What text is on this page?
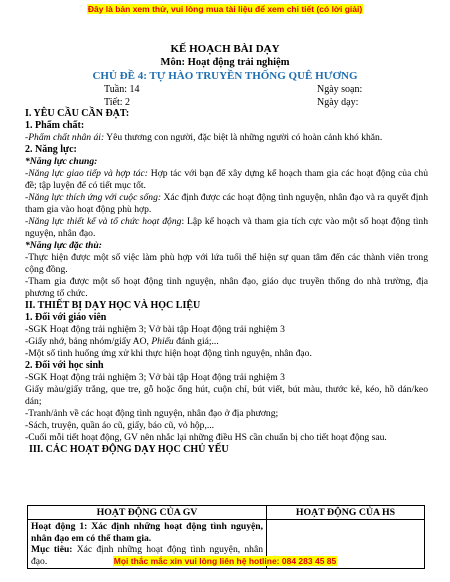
Đây là bản xem thử, vui lòng mua tài liệu để xem chi tiết (có lời giải)
KẾ HOẠCH BÀI DẠY
Môn: Hoạt động trải nghiệm
CHỦ ĐỀ 4: TỰ HÀO TRUYỀN THỐNG QUÊ HƯƠNG
Tuần: 14	Ngày soạn:
Tiết: 2	Ngày dạy:

I. YÊU CẦU CẦN ĐẠT:

1. Phẩm chất:

-Phẩm chất nhân ái: Yêu thương con người, đặc biệt là những người có hoàn cảnh khó khăn.

2. Năng lực:

*Năng lực chung:

-Năng lực giao tiếp và hợp tác: Hợp tác với bạn để xây dựng kế hoạch tham gia các hoạt động của chủ đề; tập luyện để có tiết mục tốt.

-Năng lực thích ứng với cuộc sống: Xác định được các hoạt động tình nguyện, nhân đạo và ra quyết định tham gia vào hoạt động phù hợp.

-Năng lực thiết kế và tổ chức hoạt động: Lập kế hoạch và tham gia tích cực vào một số hoạt động tình nguyện, nhân đạo.

*Năng lực đặc thù:

-Thực hiện được một số việc làm phù hợp với lứa tuổi thể hiện sự quan tâm đến các thành viên trong cộng đồng.

-Tham gia được một số hoạt động tình nguyện, nhân đạo, giáo dục truyền thống do nhà trường, địa phương tổ chức.

II. THIẾT BỊ DẠY HỌC VÀ HỌC LIỆU

1. Đối với giáo viên

-SGK Hoạt động trải nghiệm 3; Vở bài tập Hoạt động trải nghiệm 3

-Giấy nhớ, bảng nhóm/giấy AO, Phiếu đánh giá;...

-Một số tình huống ứng xử khi thực hiện hoạt động tình nguyện, nhân đạo.

2. Đối với học sinh

-SGK Hoạt động trải nghiệm 3; Vở bài tập Hoạt động trải nghiệm 3

Giấy màu/giấy trắng, que tre, gỗ hoặc ống hút, cuộn chỉ, bút viết, bút màu, thước kẻ, kéo, hồ dán/keo dán;

-Tranh/ảnh về các hoạt động tình nguyện, nhân đạo ở địa phương;

-Sách, truyện, quần áo cũ, giấy, báo cũ, vỏ hộp,...

-Cuối mỗi tiết hoạt động, GV nên nhắc lại những điều HS cần chuẩn bị cho tiết hoạt động sau.

III. CÁC HOẠT ĐỘNG DẠY HỌC CHỦ YẾU

HOẠT ĐỘNG CỦA GV	HOẠT ĐỘNG CỦA HS
Hoạt động 1: Xác định những hoạt động tình nguyện, nhân đạo em có thể tham gia.
Mục tiêu: Xác định những hoạt động tình nguyện, nhân đạo.		Mọi thắc mắc xin vui lòng liên hệ hotline: 084 283 45 85
